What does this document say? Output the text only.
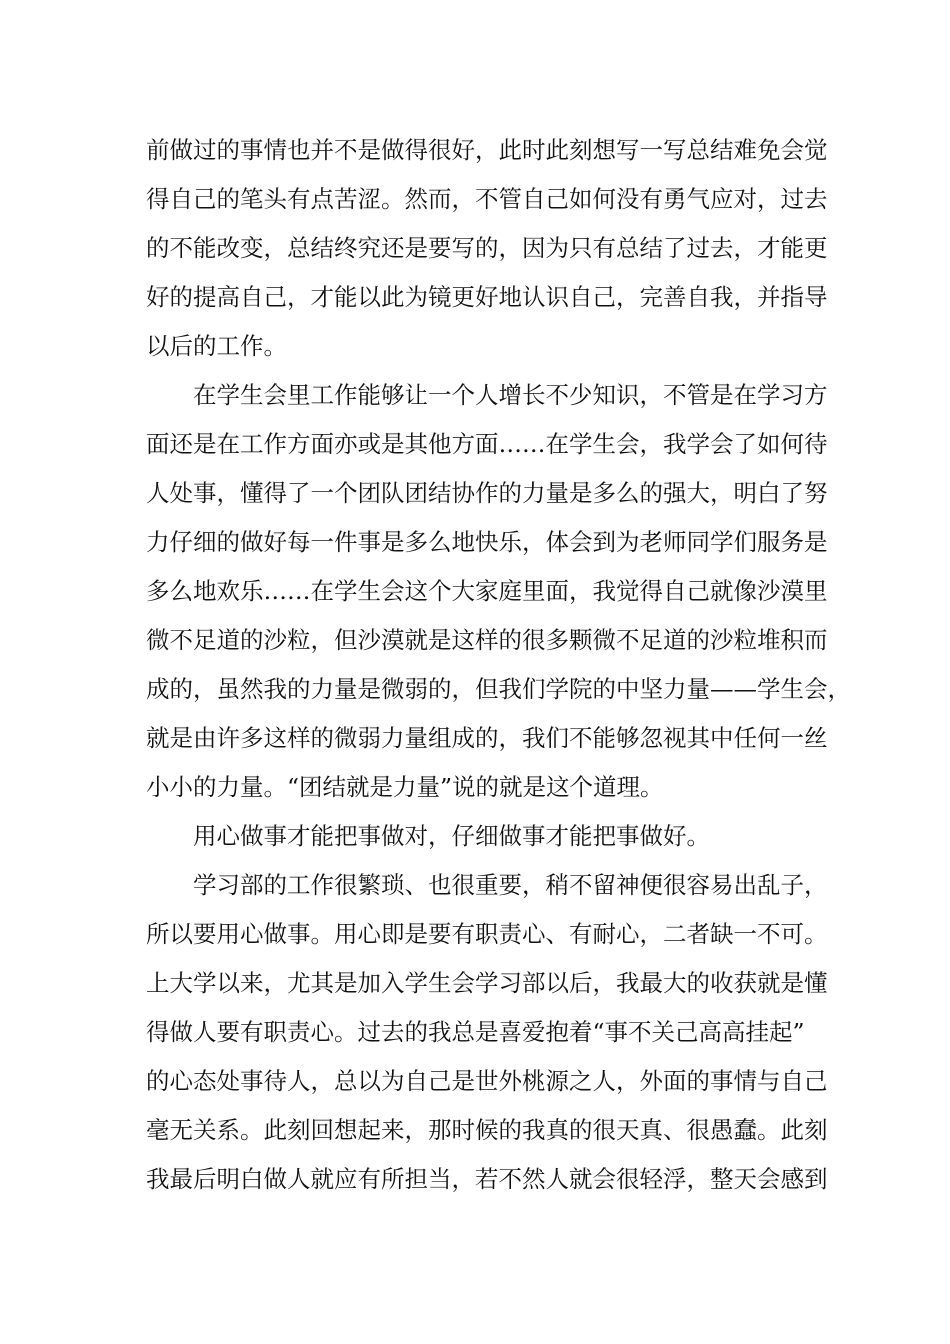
前做过的事情也并不是做得很好，此时此刻想写一写总结难免会觉
得自己的笔头有点苦涩。然而，不管自己如何没有勇气应对，过去
的不能改变，总结终究还是要写的，因为只有总结了过去，才能更
好的提高自己，才能以此为镜更好地认识自己，完善自我，并指导
以后的工作。
在学生会里工作能够让一个人增长不少知识，不管是在学习方
面还是在工作方面亦或是其他方面……在学生会，我学会了如何待
人处事，懂得了一个团队团结协作的力量是多么的强大，明白了努
力仔细的做好每一件事是多么地快乐，体会到为老师同学们服务是
多么地欢乐……在学生会这个大家庭里面，我觉得自己就像沙漠里
微不足道的沙粒，但沙漠就是这样的很多颗微不足道的沙粒堆积而
成的，虽然我的力量是微弱的，但我们学院的中坚力量——学生会，
就是由许多这样的微弱力量组成的，我们不能够忽视其中任何一丝
小小的力量。“团结就是力量”说的就是这个道理。
用心做事才能把事做对，仔细做事才能把事做好。
学习部的工作很繁琐、也很重要，稍不留神便很容易出乱子，
所以要用心做事。用心即是要有职责心、有耐心，二者缺一不可。
上大学以来，尤其是加入学生会学习部以后，我最大的收获就是懂
得做人要有职责心。过去的我总是喜爱抱着“事不关己高高挂起”
的心态处事待人，总以为自己是世外桃源之人，外面的事情与自己
毫无关系。此刻回想起来，那时候的我真的很天真、很愚蠢。此刻
我最后明白做人就应有所担当，若不然人就会很轻浮，整天会感到
